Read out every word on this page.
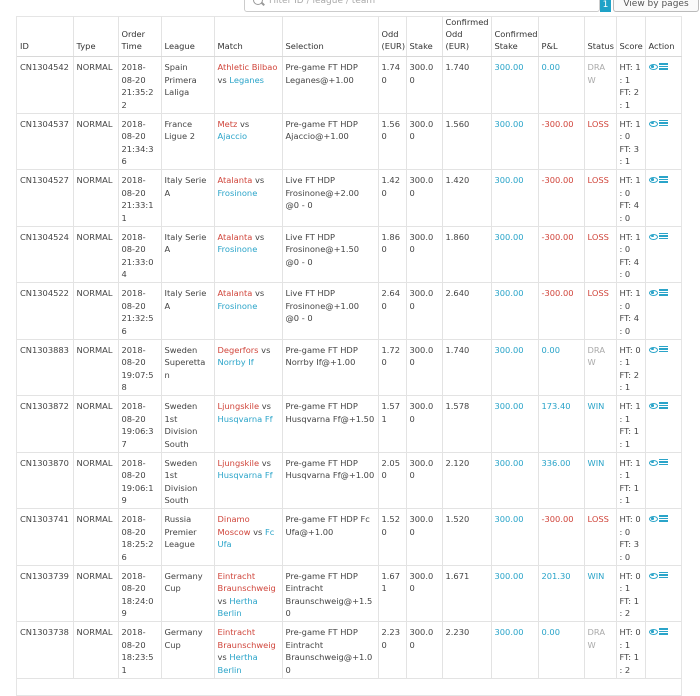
Filter ID / league / team
1	View by pages
ID	Type	Order Time	League	Match	Selection	Odd (EUR)	Stake	Confirmed Odd (EUR)	Confirmed Stake	P&L	Status	Score	Action
CN1304542	NORMAL	2018-08-20 21:35:22	Spain Primera Laliga	Athletic Bilbao vs Leganes	Pre-game FT HDP Leganes@+1.00	1.740	300.00	1.740	300.00	0.00	DRAW	HT: 1 : 1 FT: 2 : 1	

CN1304537	NORMAL	2018-08-20 21:34:36	France Ligue 2	Metz vs Ajaccio	Pre-game FT HDP Ajaccio@+1.00	1.560	300.00	1.560	300.00	-300.00	LOSS	HT: 1 : 0 FT: 3 : 1	

CN1304527	NORMAL	2018-08-20 21:33:11	Italy Serie A	Atalanta vs Frosinone	Live FT HDP Frosinone@+2.00 @0 - 0	1.420	300.00	1.420	300.00	-300.00	LOSS	HT: 1 : 0 FT: 4 : 0	

CN1304524	NORMAL	2018-08-20 21:33:04	Italy Serie A	Atalanta vs Frosinone	Live FT HDP Frosinone@+1.50 @0 - 0	1.860	300.00	1.860	300.00	-300.00	LOSS	HT: 1 : 0 FT: 4 : 0	

CN1304522	NORMAL	2018-08-20 21:32:56	Italy Serie A	Atalanta vs Frosinone	Live FT HDP Frosinone@+1.00 @0 - 0	2.640	300.00	2.640	300.00	-300.00	LOSS	HT: 1 : 0 FT: 4 : 0	

CN1303883	NORMAL	2018-08-20 19:07:58	Sweden Superettan	Degerfors vs Norrby If	Pre-game FT HDP Norrby If@+1.00	1.720	300.00	1.740	300.00	0.00	DRAW	HT: 0 : 1 FT: 2 : 1	

CN1303872	NORMAL	2018-08-20 19:06:37	Sweden 1st Division South	Ljungskile vs Husqvarna Ff	Pre-game FT HDP Husqvarna Ff@+1.50	1.571	300.00	1.578	300.00	173.40	WIN	HT: 1 : 1 FT: 1 : 1	

CN1303870	NORMAL	2018-08-20 19:06:19	Sweden 1st Division South	Ljungskile vs Husqvarna Ff	Pre-game FT HDP Husqvarna Ff@+1.00	2.050	300.00	2.120	300.00	336.00	WIN	HT: 1 : 1 FT: 1 : 1	

CN1303741	NORMAL	2018-08-20 18:25:26	Russia Premier League	Dinamo Moscow vs Fc Ufa	Pre-game FT HDP Fc Ufa@+1.00	1.520	300.00	1.520	300.00	-300.00	LOSS	HT: 0 : 0 FT: 3 : 0	

CN1303739	NORMAL	2018-08-20 18:24:09	Germany Cup	Eintracht Braunschweig vs Hertha Berlin	Pre-game FT HDP Eintracht Braunschweig@+1.50	1.671	300.00	1.671	300.00	201.30	WIN	HT: 0 : 1 FT: 1 : 2	

CN1303738	NORMAL	2018-08-20 18:23:51	Germany Cup	Eintracht Braunschweig vs Hertha Berlin	Pre-game FT HDP Eintracht Braunschweig@+1.00	2.230	300.00	2.230	300.00	0.00	DRAW	HT: 0 : 1 FT: 1 : 2	
